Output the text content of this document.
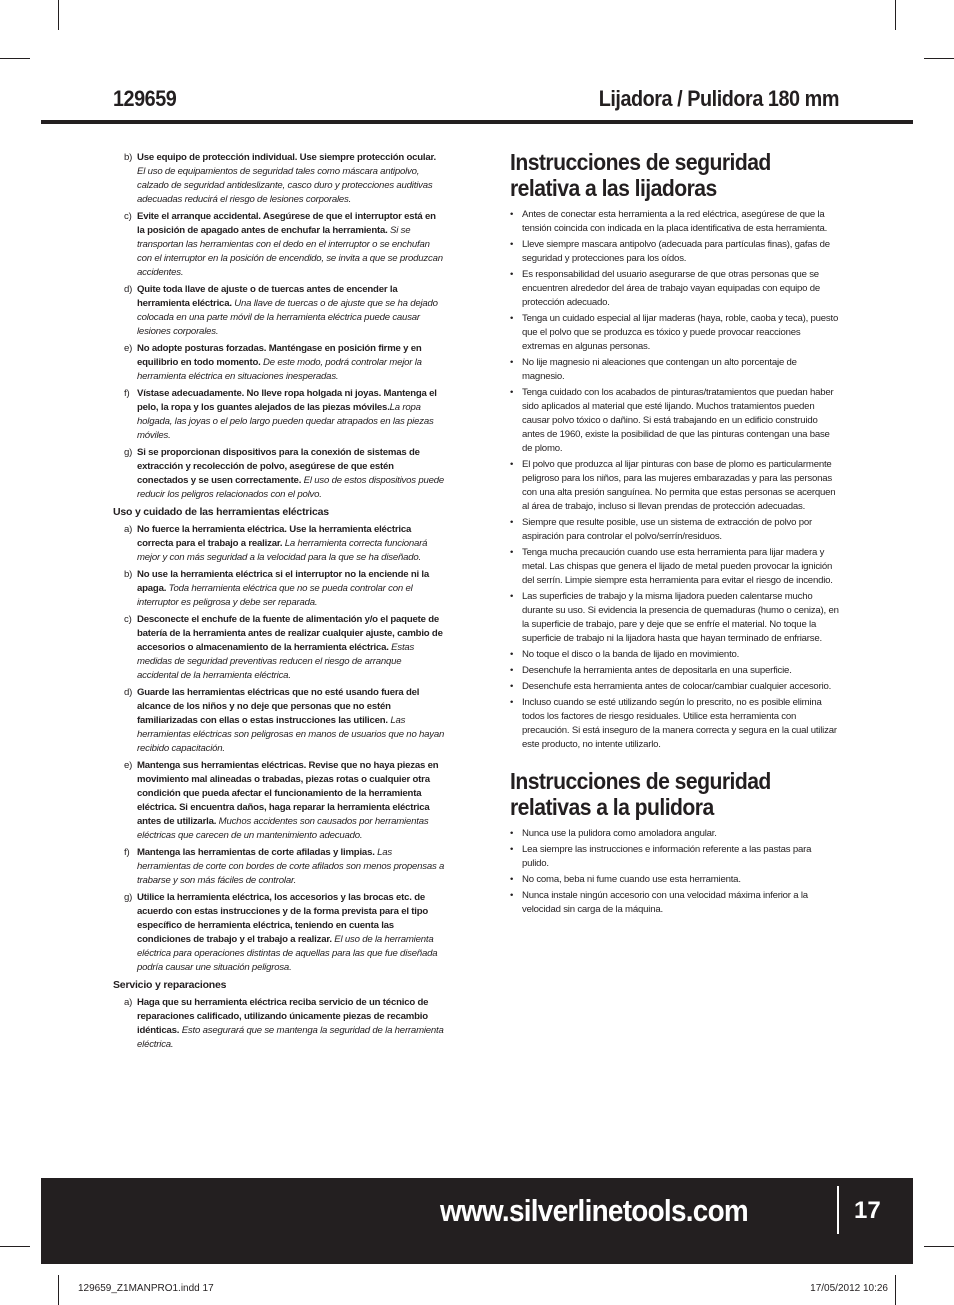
129659	Lijadora / Pulidora 180 mm
b) Use equipo de protección individual. Use siempre protección ocular. El uso de equipamientos de seguridad tales como máscara antipolvo, calzado de seguridad antideslizante, casco duro y protecciones auditivas adecuadas reducirá el riesgo de lesiones corporales.
c) Evite el arranque accidental. Asegúrese de que el interruptor está en la posición de apagado antes de enchufar la herramienta. Si se transportan las herramientas con el dedo en el interruptor o se enchufan con el interruptor en la posición de encendido, se invita a que se produzcan accidentes.
d) Quite toda llave de ajuste o de tuercas antes de encender la herramienta eléctrica. Una llave de tuercas o de ajuste que se ha dejado colocada en una parte móvil de la herramienta eléctrica puede causar lesiones corporales.
e) No adopte posturas forzadas. Manténgase en posición firme y en equilibrio en todo momento. De este modo, podrá controlar mejor la herramienta eléctrica en situaciones inesperadas.
f) Vístase adecuadamente. No lleve ropa holgada ni joyas. Mantenga el pelo, la ropa y los guantes alejados de las piezas móviles.La ropa holgada, las joyas o el pelo largo pueden quedar atrapados en las piezas móviles.
g) Si se proporcionan dispositivos para la conexión de sistemas de extracción y recolección de polvo, asegúrese de que estén conectados y se usen correctamente. El uso de estos dispositivos puede reducir los peligros relacionados con el polvo.
Uso y cuidado de las herramientas eléctricas
a) No fuerce la herramienta eléctrica. Use la herramienta eléctrica correcta para el trabajo a realizar. La herramienta correcta funcionará mejor y con más seguridad a la velocidad para la que se ha diseñado.
b) No use la herramienta eléctrica si el interruptor no la enciende ni la apaga. Toda herramienta eléctrica que no se pueda controlar con el interruptor es peligrosa y debe ser reparada.
c) Desconecte el enchufe de la fuente de alimentación y/o el paquete de batería de la herramienta antes de realizar cualquier ajuste, cambio de accesorios o almacenamiento de la herramienta eléctrica. Estas medidas de seguridad preventivas reducen el riesgo de arranque accidental de la herramienta eléctrica.
d) Guarde las herramientas eléctricas que no esté usando fuera del alcance de los niños y no deje que personas que no estén familiarizadas con ellas o estas instrucciones las utilicen. Las herramientas eléctricas son peligrosas en manos de usuarios que no hayan recibido capacitación.
e) Mantenga sus herramientas eléctricas. Revise que no haya piezas en movimiento mal alineadas o trabadas, piezas rotas o cualquier otra condición que pueda afectar el funcionamiento de la herramienta eléctrica. Si encuentra daños, haga reparar la herramienta eléctrica antes de utilizarla. Muchos accidentes son causados por herramientas eléctricas que carecen de un mantenimiento adecuado.
f) Mantenga las herramientas de corte afiladas y limpias. Las herramientas de corte con bordes de corte afilados son menos propensas a trabarse y son más fáciles de controlar.
g) Utilice la herramienta eléctrica, los accesorios y las brocas etc. de acuerdo con estas instrucciones y de la forma prevista para el tipo específico de herramienta eléctrica, teniendo en cuenta las condiciones de trabajo y el trabajo a realizar. El uso de la herramienta eléctrica para operaciones distintas de aquellas para las que fue diseñada podría causar une situación peligrosa.
Servicio y reparaciones
a) Haga que su herramienta eléctrica reciba servicio de un técnico de reparaciones calificado, utilizando únicamente piezas de recambio idénticas. Esto asegurará que se mantenga la seguridad de la herramienta eléctrica.
Instrucciones de seguridad relativa a las lijadoras
• Antes de conectar esta herramienta a la red eléctrica, asegúrese de que la tensión coincida con indicada en la placa identificativa de esta herramienta.
• Lleve siempre mascara antipolvo (adecuada para partículas finas), gafas de seguridad y protecciones para los oídos.
• Es responsabilidad del usuario asegurarse de que otras personas que se encuentren alrededor del área de trabajo vayan equipadas con equipo de protección adecuado.
• Tenga un cuidado especial al lijar maderas (haya, roble, caoba y teca), puesto que el polvo que se produzca es tóxico y puede provocar reacciones extremas en algunas personas.
• No lije magnesio ni aleaciones que contengan un alto porcentaje de magnesio.
• Tenga cuidado con los acabados de pinturas/tratamientos que puedan haber sido aplicados al material que esté lijando. Muchos tratamientos pueden causar polvo tóxico o dañino. Si está trabajando en un edificio construido antes de 1960, existe la posibilidad de que las pinturas contengan una base de plomo.
• El polvo que produzca al lijar pinturas con base de plomo es particularmente peligroso para los niños, para las mujeres embarazadas y para las personas con una alta presión sanguínea. No permita que estas personas se acerquen al área de trabajo, incluso si llevan prendas de protección adecuadas.
• Siempre que resulte posible, use un sistema de extracción de polvo por aspiración para controlar el polvo/serrín/residuos.
• Tenga mucha precaución cuando use esta herramienta para lijar madera y metal. Las chispas que genera el lijado de metal pueden provocar la ignición del serrín. Limpie siempre esta herramienta para evitar el riesgo de incendio.
• Las superficies de trabajo y la misma lijadora pueden calentarse mucho durante su uso. Si evidencia la presencia de quemaduras (humo o ceniza), en la superficie de trabajo, pare y deje que se enfríe el material. No toque la superficie de trabajo ni la lijadora hasta que hayan terminado de enfriarse.
• No toque el disco o la banda de lijado en movimiento.
• Desenchufe la herramienta antes de depositarla en una superficie.
• Desenchufe esta herramienta antes de colocar/cambiar cualquier accesorio.
• Incluso cuando se esté utilizando según lo prescrito, no es posible elimina todos los factores de riesgo residuales. Utilice esta herramienta con precaución. Si está inseguro de la manera correcta y segura en la cual utilizar este producto, no intente utilizarlo.
Instrucciones de seguridad relativas a la pulidora
• Nunca use la pulidora como amoladora angular.
• Lea siempre las instrucciones e información referente a las pastas para pulido.
• No coma, beba ni fume cuando use esta herramienta.
• Nunca instale ningún accesorio con una velocidad máxima inferior a la velocidad sin carga de la máquina.
www.silverlinetools.com	17
129659_Z1MANPRO1.indd 17	17/05/2012 10:26
